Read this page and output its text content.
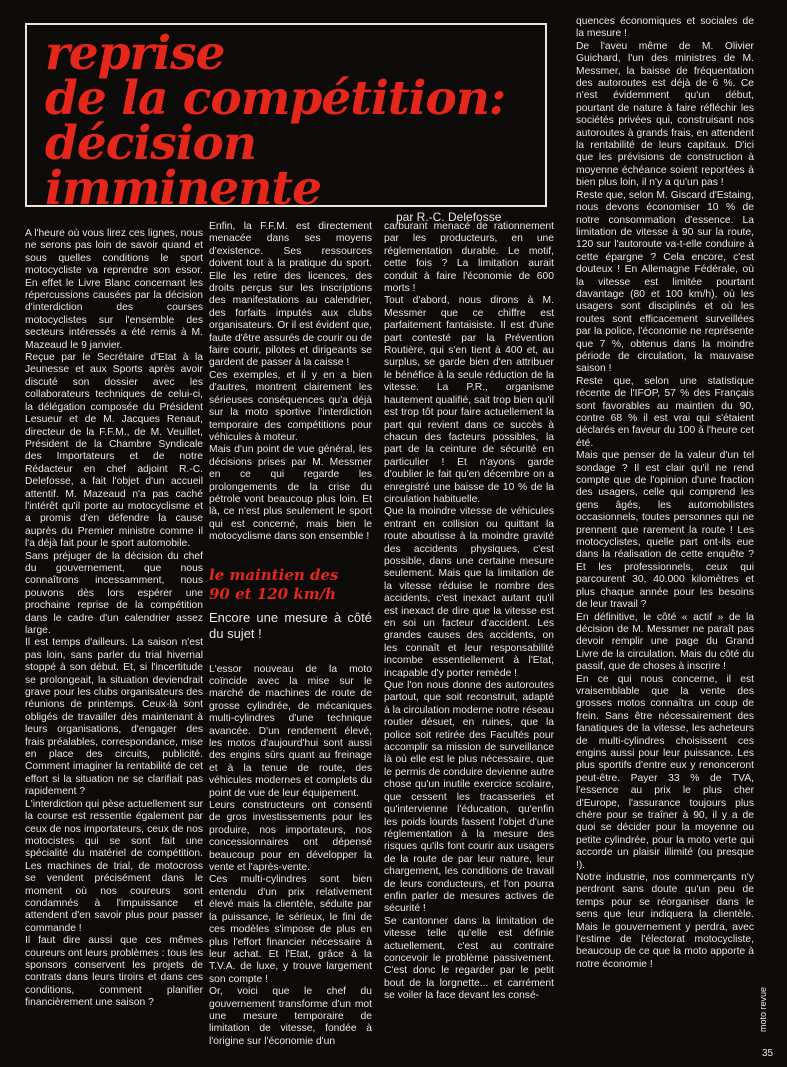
reprise
de la compétition:
décision
imminente
par R.-C. Delefosse

A l'heure où vous lirez ces lignes, nous ne serons pas loin de savoir quand et sous quelles conditions le sport motocycliste va reprendre son essor. En effet le Livre Blanc concernant les répercussions causées par la décision d'interdiction des courses motocyclistes sur l'ensemble des secteurs intéressés a été remis à M. Mazeaud le 9 janvier.

Reçue par le Secrétaire d'Etat à la Jeunesse et aux Sports après avoir discuté son dossier avec les collaborateurs techniques de celui-ci, la délégation composée du Président Lesueur et de M. Jacques Renaut, directeur de la F.F.M., de M. Veuillet, Président de la Chambre Syndicale des Importateurs et de notre Rédacteur en chef adjoint R.-C. Delefosse, a fait l'objet d'un accueil attentif. M. Mazeaud n'a pas caché l'intérêt qu'il porte au motocyclisme et a promis d'en défendre la cause auprès du Premier ministre comme il l'a déjà fait pour le sport automobile.

Sans préjuger de la décision du chef du gouvernement, que nous connaîtrons incessamment, nous pouvons dès lors espérer une prochaine reprise de la compétition dans le cadre d'un calendrier assez large.

Il est temps d'ailleurs. La saison n'est pas loin, sans parler du trial hivernal stoppé à son début. Et, si l'incertitude se prolongeait, la situation deviendrait grave pour les clubs organisateurs des réunions de printemps. Ceux-là sont obligés de travailler dès maintenant à leurs organisations, d'engager des frais préalables, correspondance, mise en place des circuits, publicité. Comment imaginer la rentabilité de cet effort si la situation ne se clarifiait pas rapidement ?

L'interdiction qui pèse actuellement sur la course est ressentie également par ceux de nos importateurs, ceux de nos motocistes qui se sont fait une spécialité du matériel de compétition. Les machines de trial, de motocross se vendent précisément dans le moment où nos coureurs sont condamnés à l'impuissance et attendent d'en savoir plus pour passer commande !

Il faut dire aussi que ces mêmes coureurs ont leurs problèmes : tous les sponsors conservent les projets de contrats dans leurs tiroirs et dans ces conditions, comment planifier financièrement une saison ?

Enfin, la F.F.M. est directement menacée dans ses moyens d'existence. Ses ressources doivent tout à la pratique du sport. Elle les retire des licences, des droits perçus sur les inscriptions des manifestations au calendrier, des forfaits imputés aux clubs organisateurs. Or il est évident que, faute d'être assurés de courir ou de faire courir, pilotes et dirigeants se gardent de passer à la caisse !

Ces exemples, et il y en a bien d'autres, montrent clairement les sérieuses conséquences qu'a déjà sur la moto sportive l'interdiction temporaire des compétitions pour véhicules à moteur.

Mais d'un point de vue général, les décisions prises par M. Messmer en ce qui regarde les prolongements de la crise du pétrole vont beaucoup plus loin. Et là, ce n'est plus seulement le sport qui est concerné, mais bien le motocyclisme dans son ensemble !

le maintien des
90 et 120 km/h
Encore une mesure à côté du sujet !

L'essor nouveau de la moto coïncide avec la mise sur le marché de machines de route de grosse cylindrée, de mécaniques multi-cylindres d'une technique avancée. D'un rendement élevé, les motos d'aujourd'hui sont aussi des engins sûrs quant au freinage et à la tenue de route, des véhicules modernes et complets du point de vue de leur équipement.

Leurs constructeurs ont consenti de gros investissements pour les produire, nos importateurs, nos concessionnaires ont dépensé beaucoup pour en développer la vente et l'après-vente.

Ces multi-cylindres sont bien entendu d'un prix relativement élevé mais la clientèle, séduite par la puissance, le sérieux, le fini de ces modèles s'impose de plus en plus l'effort financier nécessaire à leur achat. Et l'Etat, grâce à la T.V.A. de luxe, y trouve largement son compte !

Or, voici que le chef du gouvernement transforme d'un mot une mesure temporaire de limitation de vitesse, fondée à l'origine sur l'économie d'un

carburant menacé de rationnement par les producteurs, en une réglementation durable. Le motif, cette fois ? La limitation aurait conduit à faire l'économie de 600 morts !

Tout d'abord, nous dirons à M. Messmer que ce chiffre est parfaitement fantaisiste. Il est d'une part contesté par la Prévention Routière, qui s'en tient à 400 et, au surplus, se garde bien d'en attribuer le bénéfice à la seule réduction de la vitesse. La P.R., organisme hautement qualifié, sait trop bien qu'il est trop tôt pour faire actuellement la part qui revient dans ce succès à chacun des facteurs possibles, la part de la ceinture de sécurité en particulier ! Et n'ayons garde d'oublier le fait qu'en décembre on a enregistré une baisse de 10 % de la circulation habituelle.

Que la moindre vitesse de véhicules entrant en collision ou quittant la route aboutisse à la moindre gravité des accidents physiques, c'est possible, dans une certaine mesure seulement. Mais que la limitation de la vitesse réduise le nombre des accidents, c'est inexact autant qu'il est inexact de dire que la vitesse est en soi un facteur d'accident. Les grandes causes des accidents, on les connaît et leur responsabilité incombe essentiellement à l'Etat, incapable d'y porter remède !

Que l'on nous donne des autoroutes partout, que soit reconstruit, adapté à la circulation moderne notre réseau routier désuet, en ruines, que la police soit retirée des Facultés pour accomplir sa mission de surveillance là où elle est le plus nécessaire, que le permis de conduire devienne autre chose qu'un inutile exercice scolaire, que cessent les tracasseries et qu'intervienne l'éducation, qu'enfin les poids lourds fassent l'objet d'une réglementation à la mesure des risques qu'ils font courir aux usagers de la route de par leur nature, leur chargement, les conditions de travail de leurs conducteurs, et l'on pourra enfin parler de mesures actives de sécurité !

Se cantonner dans la limitation de vitesse telle qu'elle est définie actuellement, c'est au contraire concevoir le problème passivement. C'est donc le regarder par le petit bout de la lorgnette... et carrément se voiler la face devant les consé-

quences économiques et sociales de la mesure !

De l'aveu même de M. Olivier Guichard, l'un des ministres de M. Messmer, la baisse de fréquentation des autoroutes est déjà de 6 %. Ce n'est évidemment qu'un début, pourtant de nature à faire réfléchir les sociétés privées qui, construisant nos autoroutes à grands frais, en attendent la rentabilité de leurs capitaux. D'ici que les prévisions de construction à moyenne échéance soient reportées à bien plus loin, il n'y a qu'un pas !

Reste que, selon M. Giscard d'Estaing, nous devons économiser 10 % de notre consommation d'essence. La limitation de vitesse à 90 sur la route, 120 sur l'autoroute va-t-elle conduire à cette épargne ? Cela encore, c'est douteux ! En Allemagne Fédérale, où la vitesse est limitée pourtant davantage (80 et 100 km/h), où les usagers sont disciplinés et où les routes sont efficacement surveillées par la police, l'économie ne représente que 7 %, obtenus dans la moindre période de circulation, la mauvaise saison !

Reste que, selon une statistique récente de l'IFOP, 57 % des Français sont favorables au maintien du 90, contre 68 % il est vrai qui s'étaient déclarés en faveur du 100 à l'heure cet été.

Mais que penser de la valeur d'un tel sondage ? Il est clair qu'il ne rend compte que de l'opinion d'une fraction des usagers, celle qui comprend les gens âgés, les automobilistes occasionnels, toutes personnes qui ne prennent que rarement la route ! Les motocyclistes, quelle part ont-ils eue dans la réalisation de cette enquête ? Et les professionnels, ceux qui parcourent 30, 40.000 kilomètres et plus chaque année pour les besoins de leur travail ?

En définitive, le côté « actif » de la décision de M. Messmer ne paraît pas devoir remplir une page du Grand Livre de la circulation. Mais du côté du passif, que de choses à inscrire !

En ce qui nous concerne, il est vraisemblable que la vente des grosses motos connaîtra un coup de frein. Sans être nécessairement des fanatiques de la vitesse, les acheteurs de multi-cylindres choisissent ces engins aussi pour leur puissance. Les plus sportifs d'entre eux y renonceront peut-être. Payer 33 % de TVA, l'essence au prix le plus cher d'Europe, l'assurance toujours plus chère pour se traîner à 90, il y a de quoi se décider pour la moyenne ou petite cylindrée, pour la moto verte qui accorde un plaisir illimité (ou presque !).

Notre industrie, nos commerçants n'y perdront sans doute qu'un peu de temps pour se réorganiser dans le sens que leur indiquera la clientèle. Mais le gouvernement y perdra, avec l'estime de l'électorat motocycliste, beaucoup de ce que la moto apporte à notre économie !

moto revue
35
